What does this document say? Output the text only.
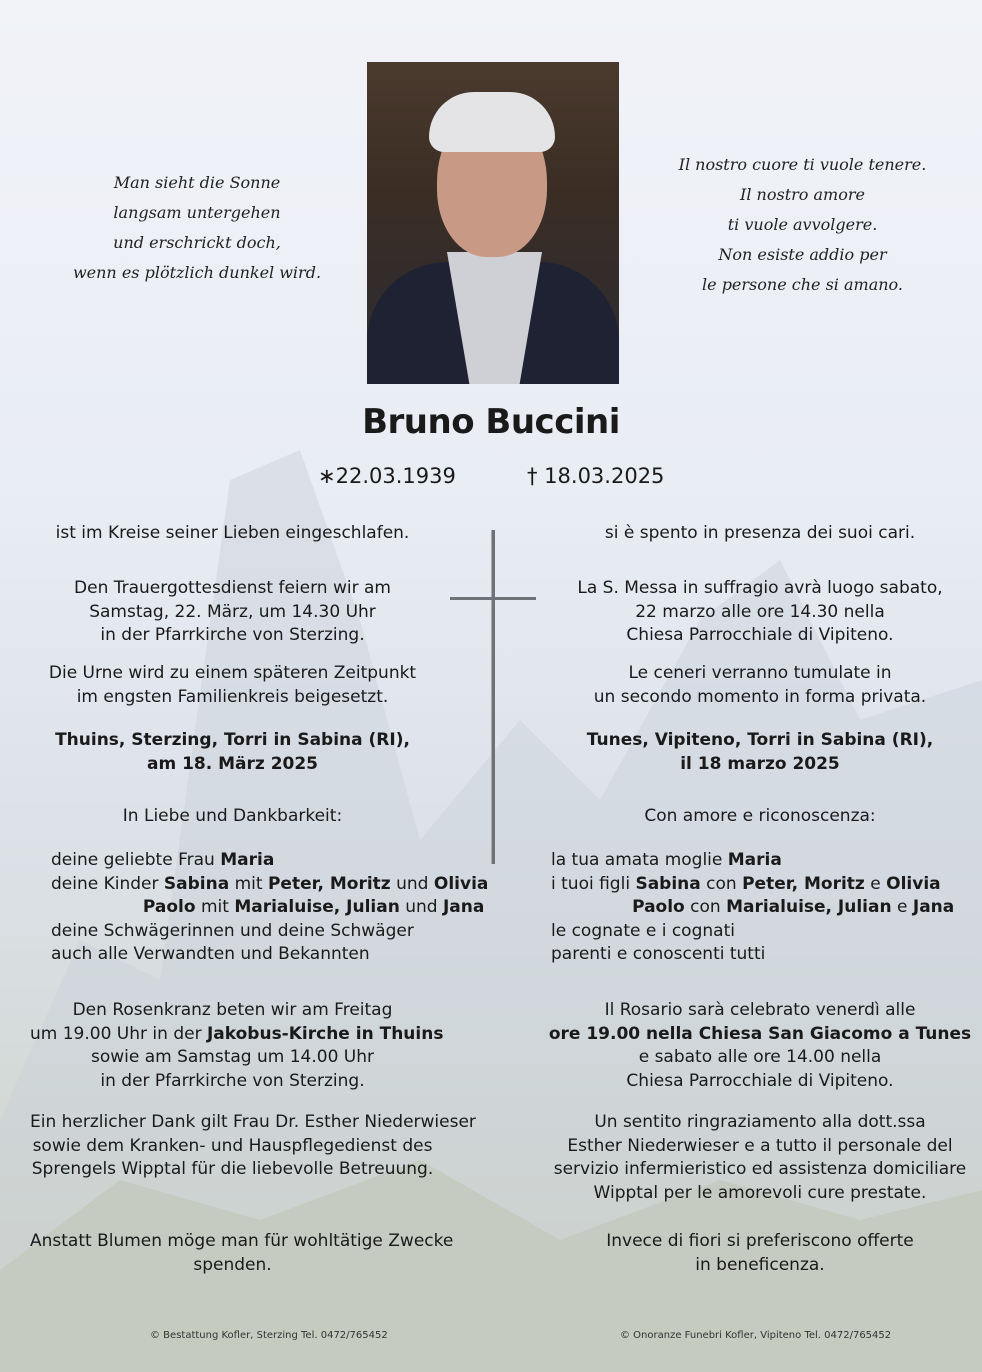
Man sieht die Sonne
langsam untergehen
und erschrickt doch,
wenn es plötzlich dunkel wird.
Il nostro cuore ti vuole tenere.
Il nostro amore
ti vuole avvolgere.
Non esiste addio per
le persone che si amano.
Bruno Buccini
∗22.03.1939	† 18.03.2025
ist im Kreise seiner Lieben eingeschlafen.
Den Trauergottesdienst feiern wir am
Samstag, 22. März, um 14.30 Uhr
in der Pfarrkirche von Sterzing.
Die Urne wird zu einem späteren Zeitpunkt
im engsten Familienkreis beigesetzt.
Thuins, Sterzing, Torri in Sabina (RI),
am 18. März 2025
In Liebe und Dankbarkeit:
deine geliebte Frau Maria
deine Kinder Sabina mit Peter, Moritz und Olivia
Paolo mit Marialuise, Julian und Jana
deine Schwägerinnen und deine Schwäger
auch alle Verwandten und Bekannten
Den Rosenkranz beten wir am Freitag
um 19.00 Uhr in der Jakobus-Kirche in Thuins
sowie am Samstag um 14.00 Uhr
in der Pfarrkirche von Sterzing.
Ein herzlicher Dank gilt Frau Dr. Esther Niederwieser
sowie dem Kranken- und Hauspflegedienst des
Sprengels Wipptal für die liebevolle Betreuung.
Anstatt Blumen möge man für wohltätige Zwecke
spenden.
si è spento in presenza dei suoi cari.
La S. Messa in suffragio avrà luogo sabato,
22 marzo alle ore 14.30 nella
Chiesa Parrocchiale di Vipiteno.
Le ceneri verranno tumulate in
un secondo momento in forma privata.
Tunes, Vipiteno, Torri in Sabina (RI),
il 18 marzo 2025
Con amore e riconoscenza:
la tua amata moglie Maria
i tuoi figli Sabina con Peter, Moritz e Olivia
Paolo con Marialuise, Julian e Jana
le cognate e i cognati
parenti e conoscenti tutti
Il Rosario sarà celebrato venerdì alle
ore 19.00 nella Chiesa San Giacomo a Tunes
e sabato alle ore 14.00 nella
Chiesa Parrocchiale di Vipiteno.
Un sentito ringraziamento alla dott.ssa
Esther Niederwieser e a tutto il personale del
servizio infermieristico ed assistenza domiciliare
Wipptal per le amorevoli cure prestate.
Invece di fiori si preferiscono offerte
in beneficenza.
© Bestattung Kofler, Sterzing Tel. 0472/765452	© Onoranze Funebri Kofler, Vipiteno Tel. 0472/765452
